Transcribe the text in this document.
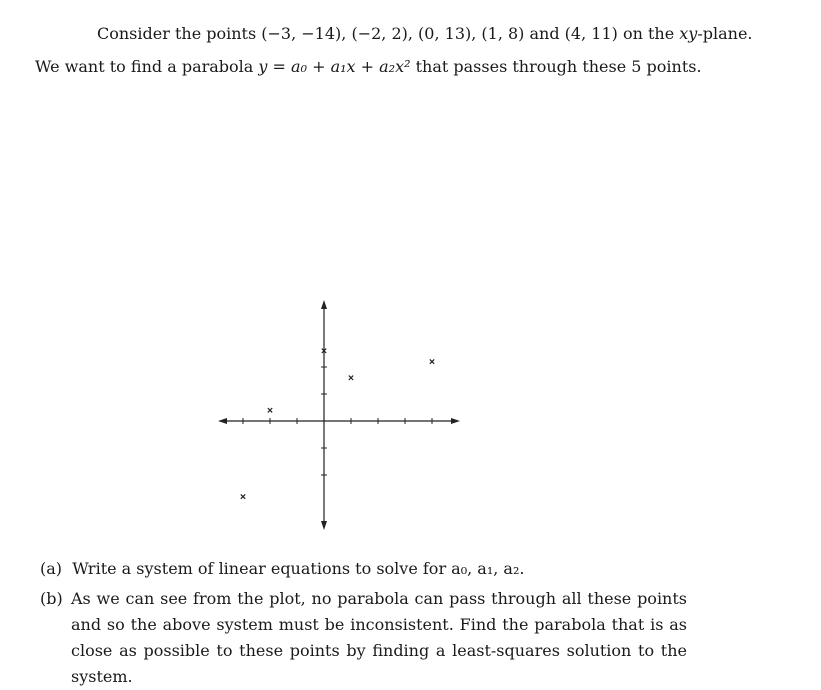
Consider the points (−3, −14), (−2, 2), (0, 13), (1, 8) and (4, 11) on the xy-plane.
We want to find a parabola y = a₀ + a₁x + a₂x² that passes through these 5 points.
(a) Write a system of linear equations to solve for a₀, a₁, a₂.
(b) As we can see from the plot, no parabola can pass through all these points and so the above system must be inconsistent. Find the parabola that is as close as possible to these points by finding a least-squares solution to the system.
